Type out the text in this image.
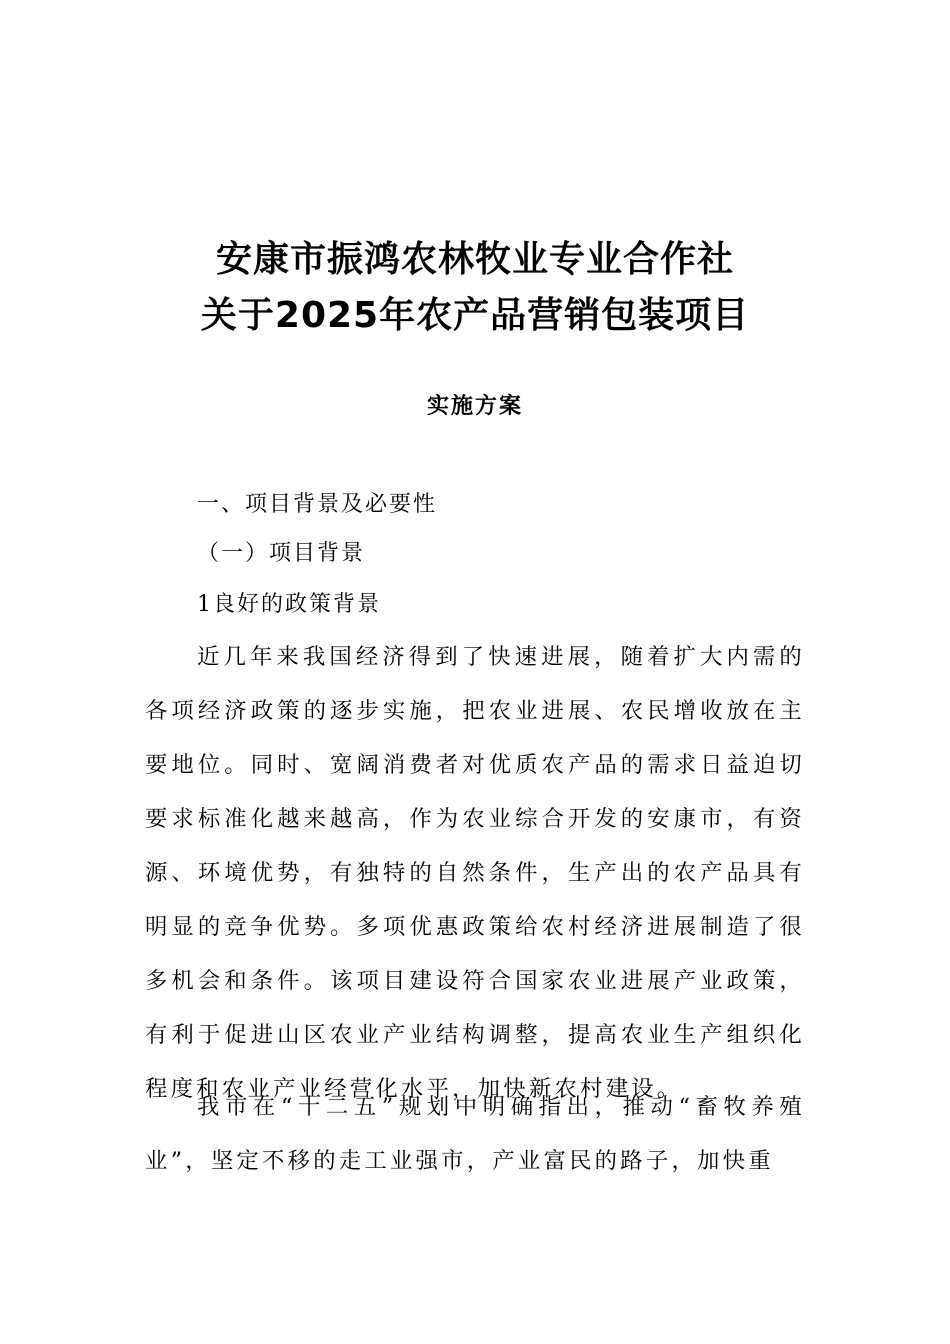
安康市振鸿农林牧业专业合作社

关于2025年农产品营销包装项目

实施方案

一、项目背景及必要性

（一）项目背景

1良好的政策背景

近几年来我国经济得到了快速进展，随着扩大内需的各项经济政策的逐步实施，把农业进展、农民增收放在主要地位。同时、宽阔消费者对优质农产品的需求日益迫切要求标准化越来越高，作为农业综合开发的安康市，有资源、环境优势，有独特的自然条件，生产出的农产品具有明显的竞争优势。多项优惠政策给农村经济进展制造了很多机会和条件。该项目建设符合国家农业进展产业政策，有利于促进山区农业产业结构调整，提高农业生产组织化程度和农业产业经营化水平，加快新农村建设。

我市在“十二五”规划中明确指出，推动“畜牧养殖业”，坚定不移的走工业强市，产业富民的路子，加快重
